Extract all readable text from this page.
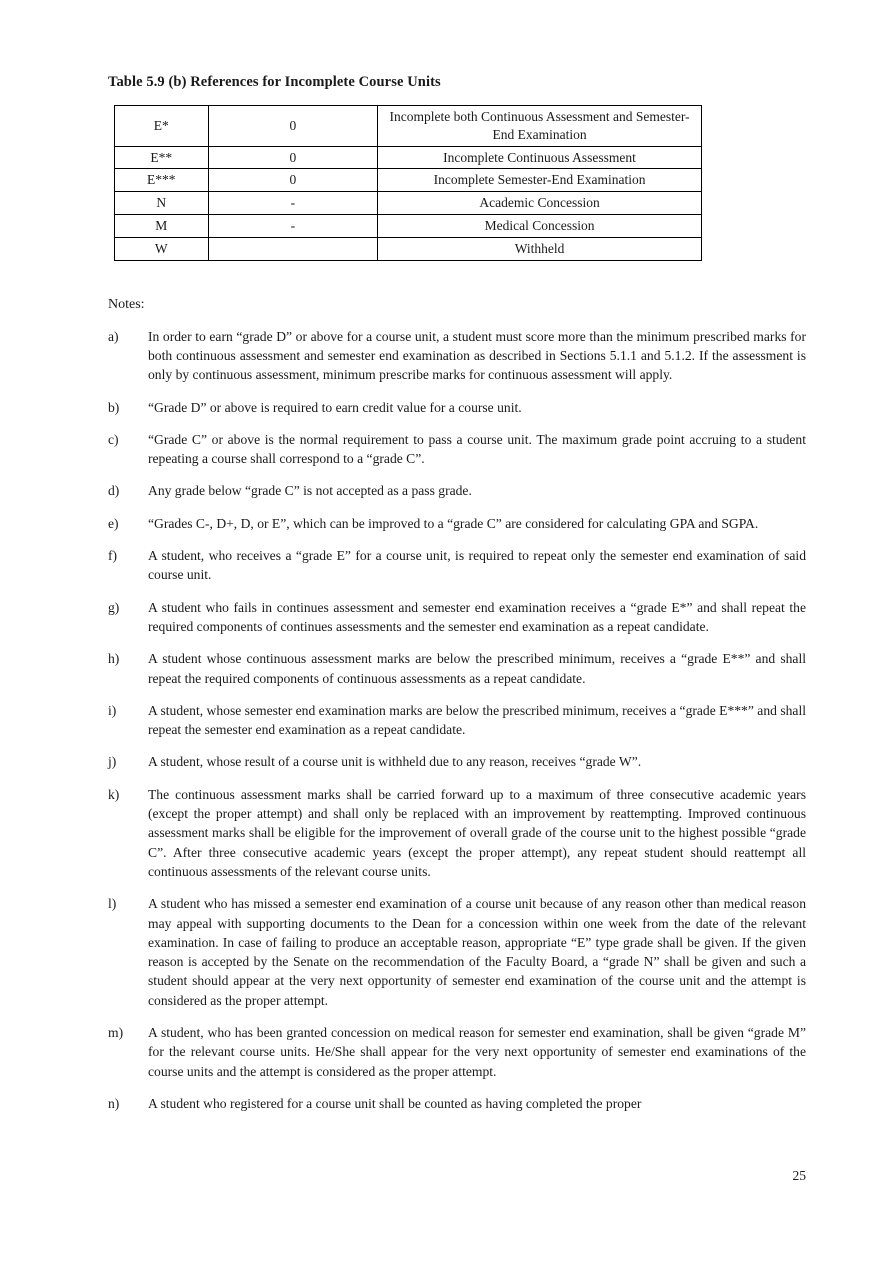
Table 5.9 (b) References for Incomplete Course Units
E*	0	Incomplete both Continuous Assessment and Semester-End Examination
E**	0	Incomplete Continuous Assessment
E***	0	Incomplete Semester-End Examination
N	-	Academic Concession
M	-	Medical Concession
W		Withheld
Notes:
a)	In order to earn “grade D” or above for a course unit, a student must score more than the minimum prescribed marks for both continuous assessment and semester end examination as described in Sections 5.1.1 and 5.1.2. If the assessment is only by continuous assessment, minimum prescribe marks for continuous assessment will apply.
b)	“Grade D” or above is required to earn credit value for a course unit.
c)	“Grade C” or above is the normal requirement to pass a course unit. The maximum grade point accruing to a student repeating a course shall correspond to a “grade C”.
d)	Any grade below “grade C” is not accepted as a pass grade.
e)	“Grades C-, D+, D, or E”, which can be improved to a “grade C” are considered for calculating GPA and SGPA.
f)	A student, who receives a “grade E” for a course unit, is required to repeat only the semester end examination of said course unit.
g)	A student who fails in continues assessment and semester end examination receives a “grade E*” and shall repeat the required components of continues assessments and the semester end examination as a repeat candidate.
h)	A student whose continuous assessment marks are below the prescribed minimum, receives a “grade E**” and shall repeat the required components of continuous assessments as a repeat candidate.
i)	A student, whose semester end examination marks are below the prescribed minimum, receives a “grade E***” and shall repeat the semester end examination as a repeat candidate.
j)	A student, whose result of a course unit is withheld due to any reason, receives “grade W”.
k)	The continuous assessment marks shall be carried forward up to a maximum of three consecutive academic years (except the proper attempt) and shall only be replaced with an improvement by reattempting. Improved continuous assessment marks shall be eligible for the improvement of overall grade of the course unit to the highest possible “grade C”. After three consecutive academic years (except the proper attempt), any repeat student should reattempt all continuous assessments of the relevant course units.
l)	A student who has missed a semester end examination of a course unit because of any reason other than medical reason may appeal with supporting documents to the Dean for a concession within one week from the date of the relevant examination. In case of failing to produce an acceptable reason, appropriate “E” type grade shall be given. If the given reason is accepted by the Senate on the recommendation of the Faculty Board, a “grade N” shall be given and such a student should appear at the very next opportunity of semester end examination of the course unit and the attempt is considered as the proper attempt.
m)	A student, who has been granted concession on medical reason for semester end examination, shall be given “grade M” for the relevant course units. He/She shall appear for the very next opportunity of semester end examinations of the course units and the attempt is considered as the proper attempt.
n)	A student who registered for a course unit shall be counted as having completed the proper
25
